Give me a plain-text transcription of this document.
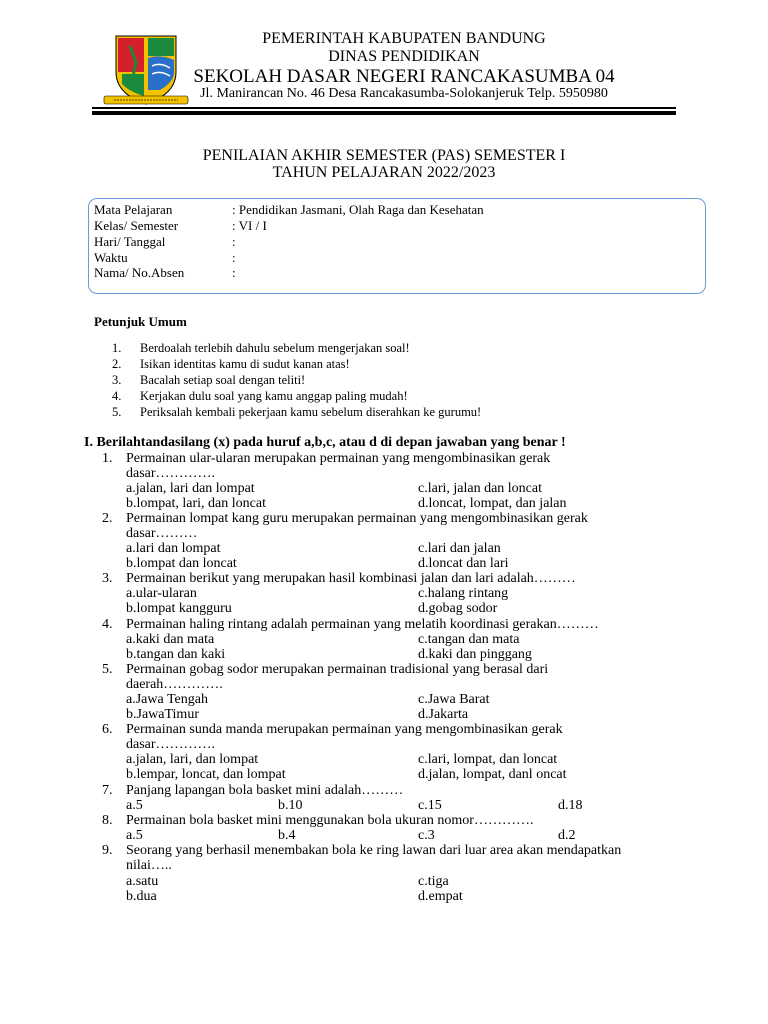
PEMERINTAH KABUPATEN BANDUNG
DINAS PENDIDIKAN
SEKOLAH DASAR NEGERI RANCAKASUMBA 04
Jl. Manirancan No. 46 Desa Rancakasumba-Solokanjeruk Telp. 5950980
PENILAIAN AKHIR SEMESTER (PAS) SEMESTER I
TAHUN PELAJARAN 2022/2023
Mata Pelajaran	: Pendidikan Jasmani, Olah Raga dan Kesehatan
Kelas/ Semester	: VI / I
Hari/ Tanggal	:
Waktu	:
Nama/ No.Absen	:
Petunjuk Umum
1. Berdoalah terlebih dahulu sebelum mengerjakan soal!
2. Isikan identitas kamu di sudut kanan atas!
3. Bacalah setiap soal dengan teliti!
4. Kerjakan dulu soal yang kamu anggap paling mudah!
5. Periksalah kembali pekerjaan kamu sebelum diserahkan ke gurumu!
I. Berilahtandasilang (x) pada huruf a,b,c, atau d di depan jawaban yang benar !
1. Permainan ular-ularan merupakan permainan yang mengombinasikan gerak
dasar………….
a.jalan, lari dan lompat	c.lari, jalan dan loncat
b.lompat, lari, dan loncat	d.loncat, lompat, dan jalan
2. Permainan lompat kang guru merupakan permainan yang mengombinasikan gerak
dasar………
a.lari dan lompat	c.lari dan jalan
b.lompat dan loncat	d.loncat dan lari
3. Permainan berikut yang merupakan hasil kombinasi jalan dan lari adalah………
a.ular-ularan	c.halang rintang
b.lompat kangguru	d.gobag sodor
4. Permainan haling rintang adalah permainan yang melatih koordinasi gerakan………
a.kaki dan mata	c.tangan dan mata
b.tangan dan kaki	d.kaki dan pinggang
5. Permainan gobag sodor merupakan permainan tradisional yang berasal dari
daerah………….
a.Jawa Tengah	c.Jawa Barat
b.JawaTimur	d.Jakarta
6. Permainan sunda manda merupakan permainan yang mengombinasikan gerak
dasar………….
a.jalan, lari, dan lompat	c.lari, lompat, dan loncat
b.lempar, loncat, dan lompat	d.jalan, lompat, danl oncat
7. Panjang lapangan bola basket mini adalah………
a.5	b.10	c.15	d.18
8. Permainan bola basket mini menggunakan bola ukuran nomor………….
a.5	b.4	c.3	d.2
9. Seorang yang berhasil menembakan bola ke ring lawan dari luar area akan mendapatkan
nilai…..
a.satu	c.tiga
b.dua	d.empat
